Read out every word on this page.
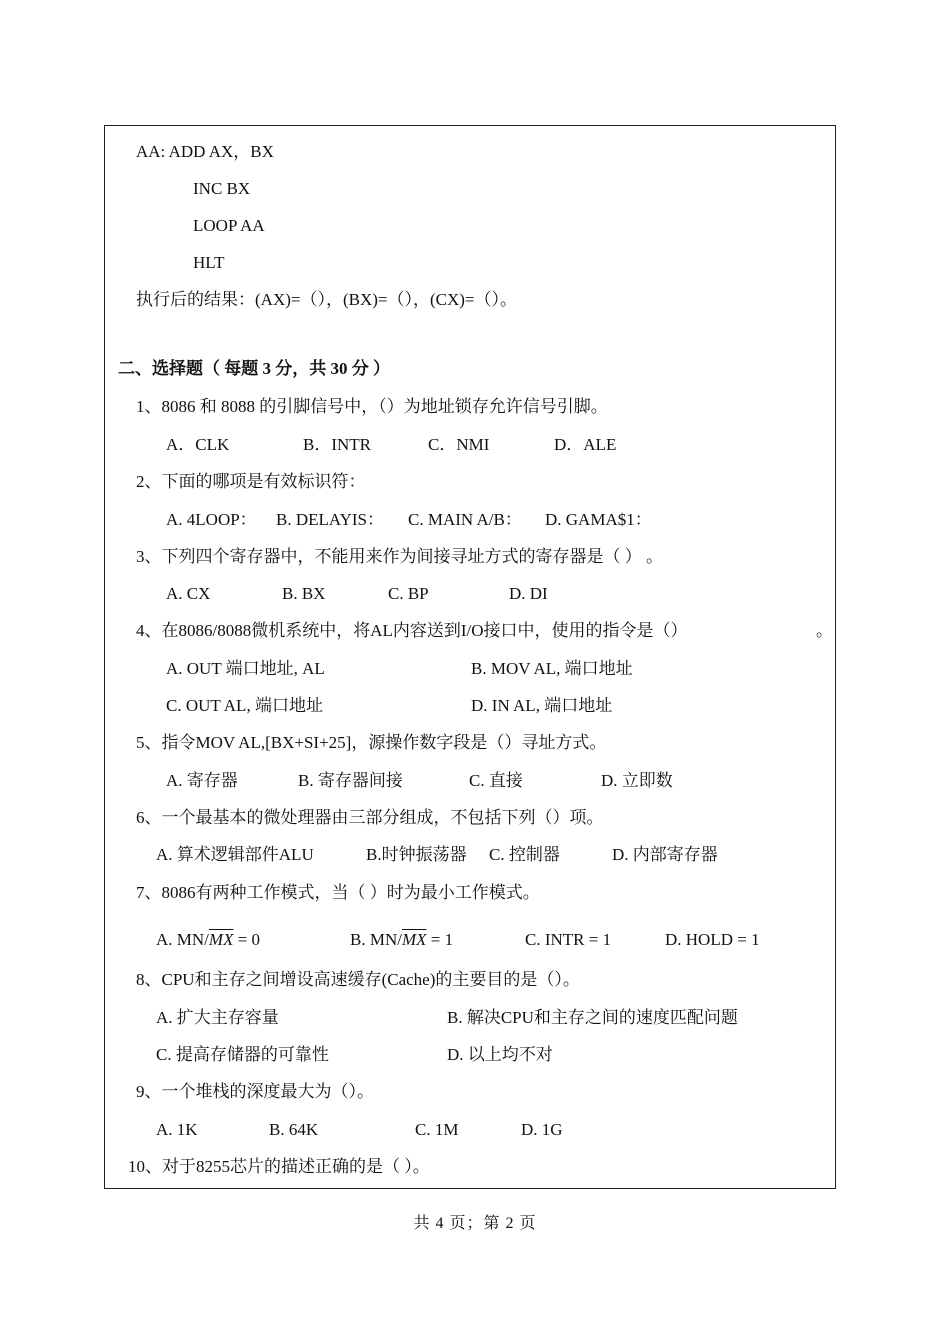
AA: ADD AX，BX
INC BX
LOOP AA
HLT
执行后的结果：(AX)=（），(BX)=（），(CX)=（）。
二、选择题（ 每题 3 分，共 30 分 ）
1、8086 和 8088 的引脚信号中，（）为地址锁存允许信号引脚。
A．CLK	B．INTR	C．NMI	D．ALE
2、下面的哪项是有效标识符：
A. 4LOOP： B. DELAYIS： C. MAIN A/B： D. GAMA$1：
3、下列四个寄存器中，不能用来作为间接寻址方式的寄存器是（ ） 。
A. CX	B. BX	C. BP	D. DI
4、在8086/8088微机系统中，将AL内容送到I/O接口中，使用的指令是（）	。
A. OUT 端口地址, AL	B. MOV AL, 端口地址
C. OUT AL, 端口地址	D. IN AL, 端口地址
5、指令MOV AL,[BX+SI+25]，源操作数字段是（）寻址方式。
A. 寄存器	B. 寄存器间接	C. 直接	D. 立即数
6、一个最基本的微处理器由三部分组成，不包括下列（）项。
A. 算术逻辑部件ALU	B.时钟振荡器 C. 控制器	D. 内部寄存器
7、8086有两种工作模式，当（ ）时为最小工作模式。
A. $MN/\overline{MX} = 0$	B. $MN/\overline{MX} = 1$	C. INTR = 1	D. HOLD = 1
8、CPU和主存之间增设高速缓存(Cache)的主要目的是（）。
A. 扩大主存容量	B. 解决CPU和主存之间的速度匹配问题
C. 提高存储器的可靠性	D. 以上均不对
9、一个堆栈的深度最大为（）。
A. 1K	B. 64K	C. 1M	D. 1G
10、对于8255芯片的描述正确的是（ ）。
共 4 页；第 2 页
